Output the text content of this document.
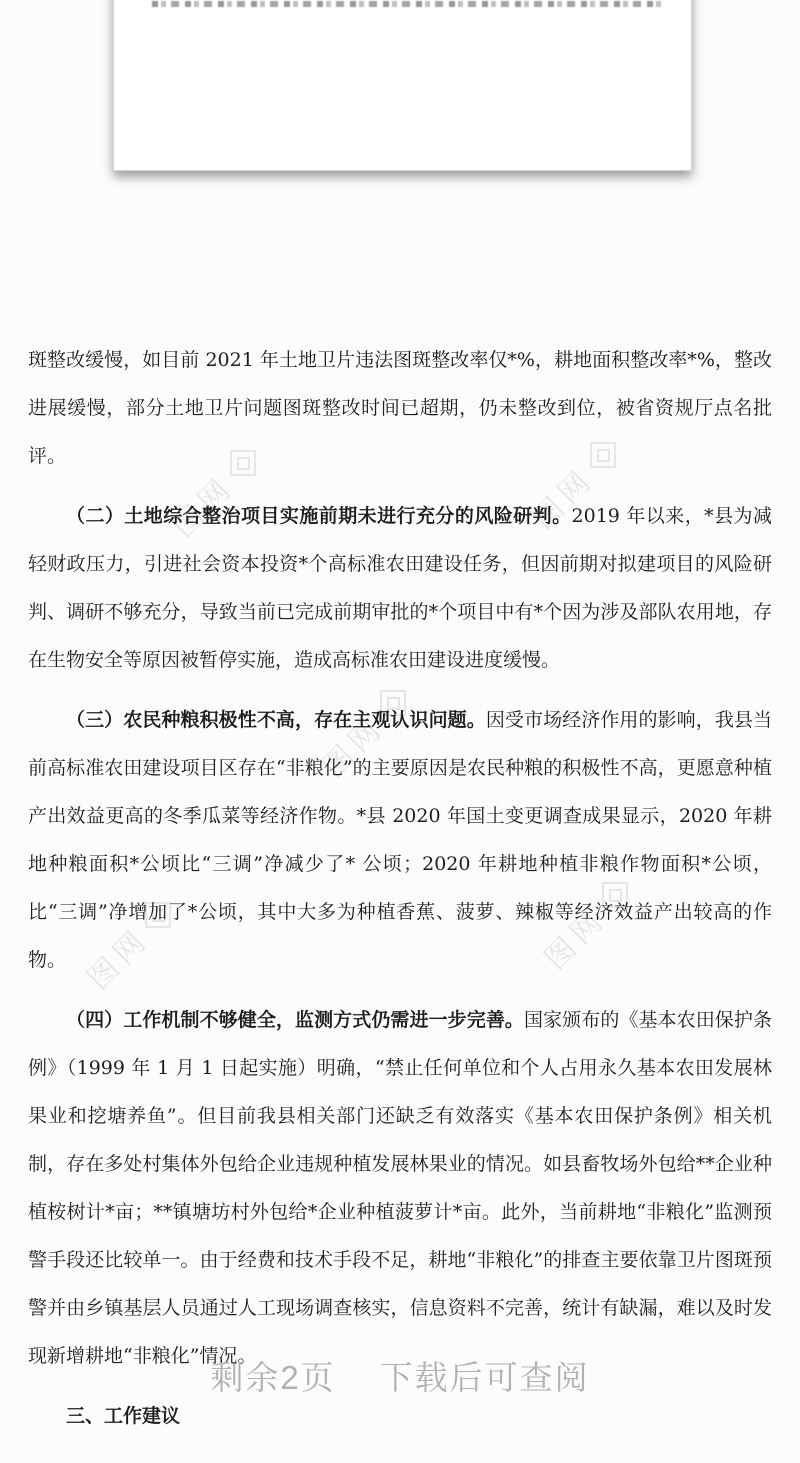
图网	图网
图网
图网	图网

斑整改缓慢，如目前 2021 年土地卫片违法图斑整改率仅*%，耕地面积整改率*%，整改进展缓慢，部分土地卫片问题图斑整改时间已超期，仍未整改到位，被省资规厅点名批评。

（二）土地综合整治项目实施前期未进行充分的风险研判。2019 年以来，*县为减轻财政压力，引进社会资本投资*个高标准农田建设任务，但因前期对拟建项目的风险研判、调研不够充分，导致当前已完成前期审批的*个项目中有*个因为涉及部队农用地，存在生物安全等原因被暂停实施，造成高标准农田建设进度缓慢。

（三）农民种粮积极性不高，存在主观认识问题。因受市场经济作用的影响，我县当前高标准农田建设项目区存在“非粮化”的主要原因是农民种粮的积极性不高，更愿意种植产出效益更高的冬季瓜菜等经济作物。*县 2020 年国土变更调查成果显示，2020 年耕地种粮面积*公顷比“三调”净减少了* 公顷；2020 年耕地种植非粮作物面积*公顷，比“三调”净增加了*公顷，其中大多为种植香蕉、菠萝、辣椒等经济效益产出较高的作物。

（四）工作机制不够健全，监测方式仍需进一步完善。国家颁布的《基本农田保护条例》（1999 年 1 月 1 日起实施）明确，“禁止任何单位和个人占用永久基本农田发展林果业和挖塘养鱼”。但目前我县相关部门还缺乏有效落实《基本农田保护条例》相关机制，存在多处村集体外包给企业违规种植发展林果业的情况。如县畜牧场外包给**企业种植桉树计*亩；**镇塘坊村外包给*企业种植菠萝计*亩。此外，当前耕地“非粮化”监测预警手段还比较单一。由于经费和技术手段不足，耕地“非粮化”的排查主要依靠卫片图斑预警并由乡镇基层人员通过人工现场调查核实，信息资料不完善，统计有缺漏，难以及时发现新增耕地“非粮化”情况。

三、工作建议

剩余2页 下载后可查阅
